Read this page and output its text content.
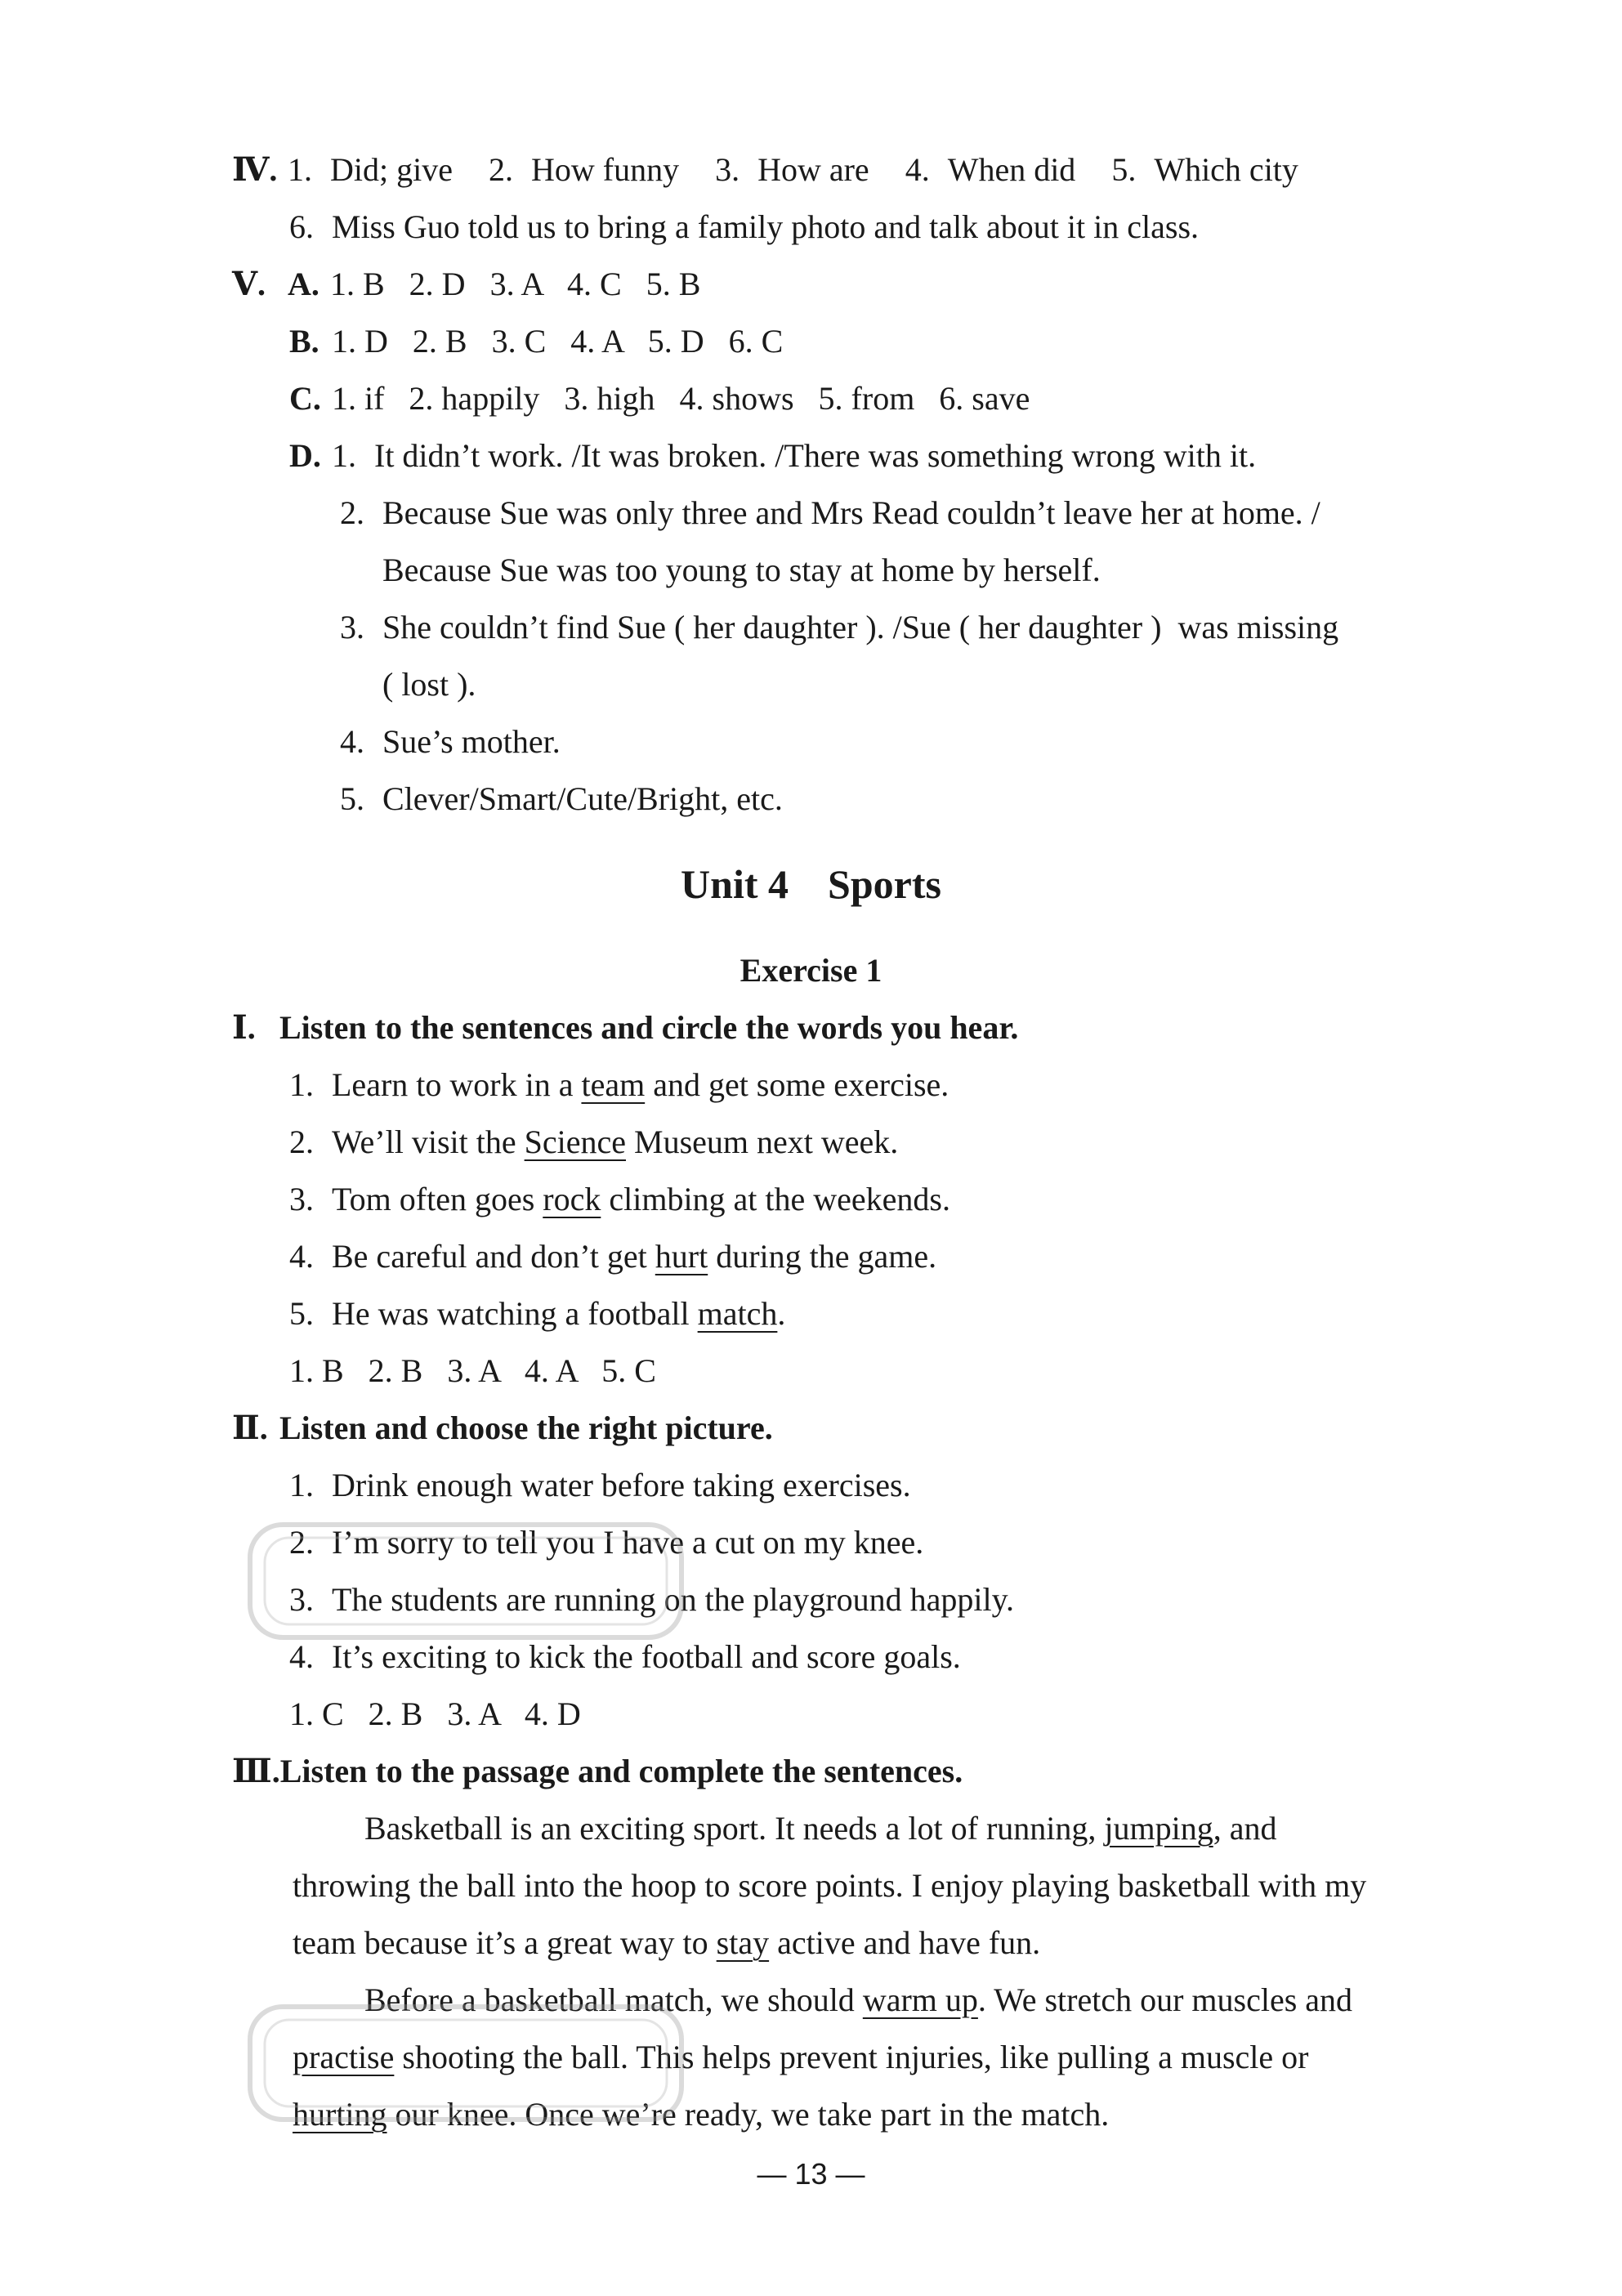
Ⅳ. 1. Did; give 2. How funny 3. How are 4. When did 5. Which city
6. Miss Guo told us to bring a family photo and talk about it in class.
Ⅴ. A. 1. B   2. D   3. A   4. C   5. B
B. 1. D   2. B   3. C   4. A   5. D   6. C
C. 1. if   2. happily   3. high   4. shows   5. from   6. save
D. 1. It didn’t work. /It was broken. /There was something wrong with it.
2. Because Sue was only three and Mrs Read couldn’t leave her at home. /
Because Sue was too young to stay at home by herself.
3. She couldn’t find Sue ( her daughter ). /Sue ( her daughter )  was missing
( lost ).
4. Sue’s mother.
5. Clever/Smart/Cute/Bright, etc.
Unit 4 Sports
Exercise 1
Ⅰ. Listen to the sentences and circle the words you hear.
1. Learn to work in a team and get some exercise.
2. We’ll visit the Science Museum next week.
3. Tom often goes rock climbing at the weekends.
4. Be careful and don’t get hurt during the game.
5. He was watching a football match.
1. B   2. B   3. A   4. A   5. C
Ⅱ. Listen and choose the right picture.
1. Drink enough water before taking exercises.
2. I’m sorry to tell you I have a cut on my knee.
3. The students are running on the playground happily.
4. It’s exciting to kick the football and score goals.
1. C   2. B   3. A   4. D
Ⅲ.Listen to the passage and complete the sentences.
Basketball is an exciting sport. It needs a lot of running, jumping, and
throwing the ball into the hoop to score points. I enjoy playing basketball with my
team because it’s a great way to stay active and have fun.
Before a basketball match, we should warm up. We stretch our muscles and
practise shooting the ball. This helps prevent injuries, like pulling a muscle or
hurting our knee. Once we’re ready, we take part in the match.
— 13 —
